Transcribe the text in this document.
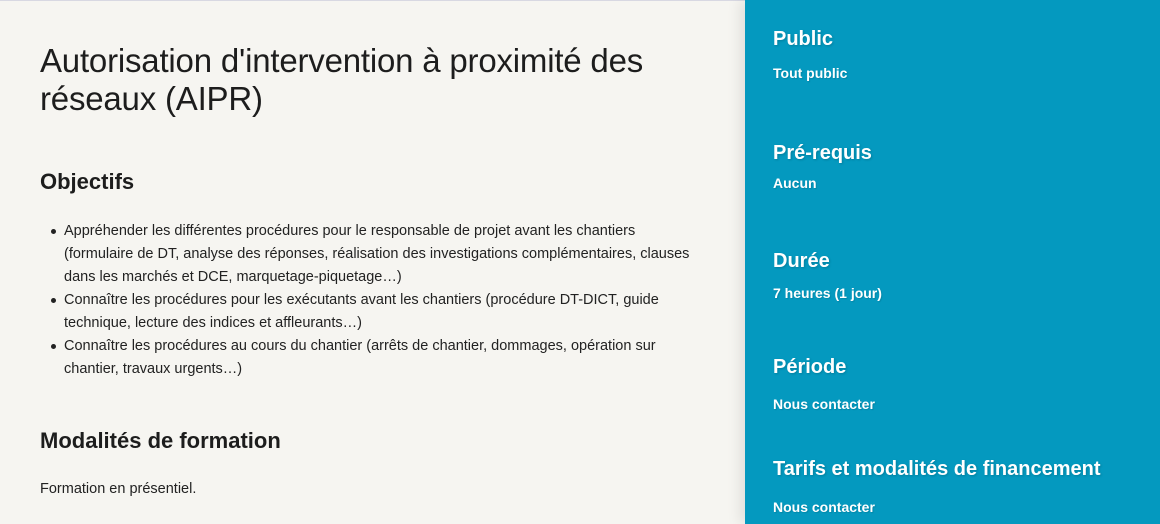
Autorisation d'intervention à proximité des réseaux (AIPR)
Objectifs
Appréhender les différentes procédures pour le responsable de projet avant les chantiers (formulaire de DT, analyse des réponses, réalisation des investigations complémentaires, clauses dans les marchés et DCE, marquetage-piquetage…)
Connaître les procédures pour les exécutants avant les chantiers (procédure DT-DICT, guide technique, lecture des indices et affleurants…)
Connaître les procédures au cours du chantier (arrêts de chantier, dommages, opération sur chantier, travaux urgents…)
Modalités de formation

Formation en présentiel.

Public
Tout public
Pré-requis
Aucun
Durée
7 heures (1 jour)
Période
Nous contacter
Tarifs et modalités de financement
Nous contacter
